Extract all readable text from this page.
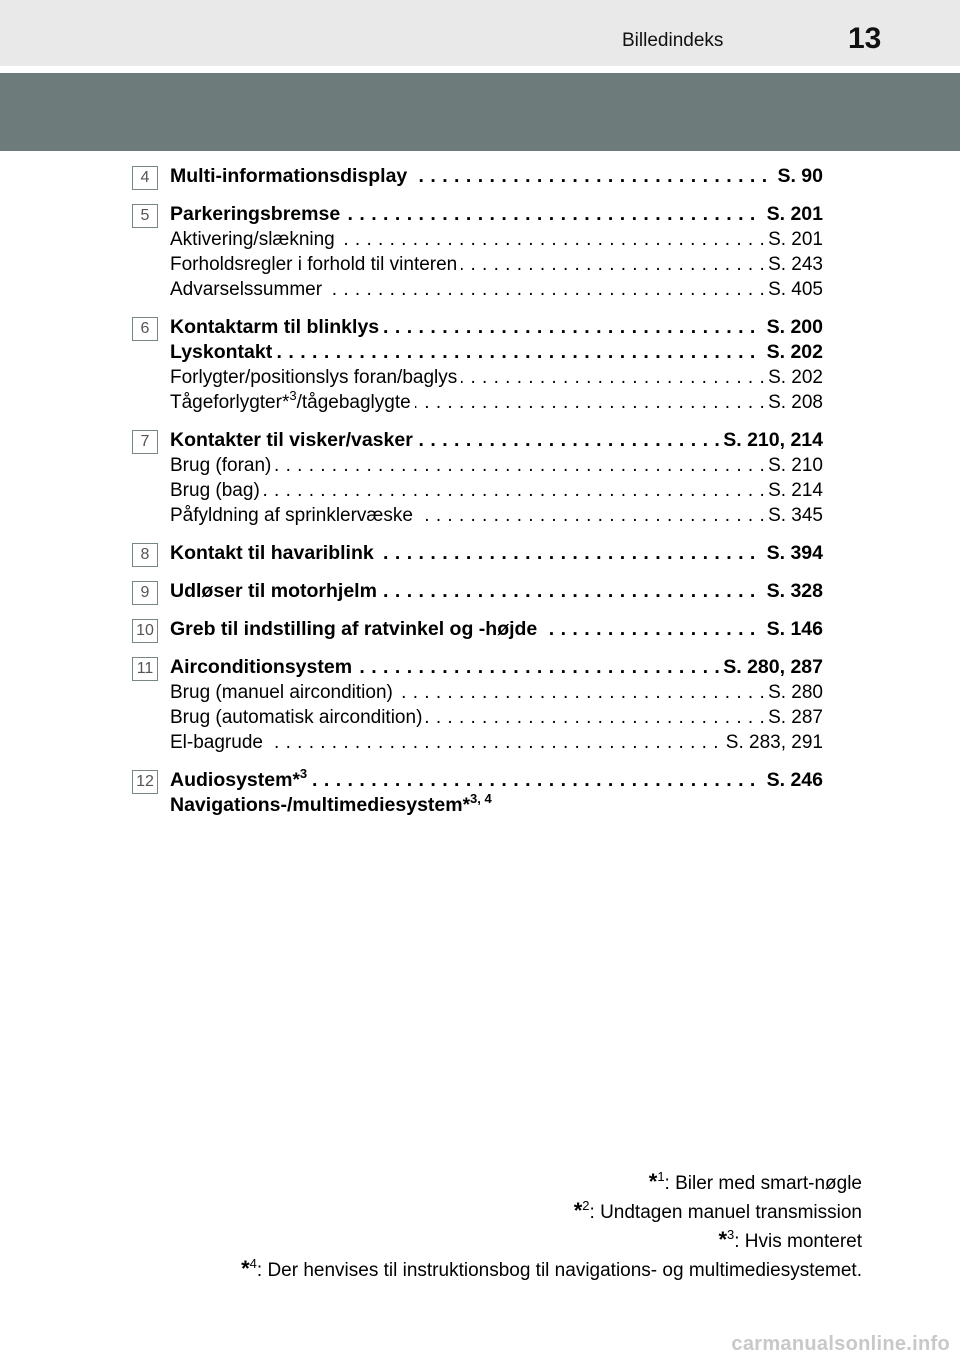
Billedindeks	13
4	. . . Multi-informationsdisplay	S. 90
5	. . . Parkeringsbremse	S. 201
. . . Aktivering/slækning	S. 201
. . . Forholdsregler i forhold til vinteren	S. 243
. . . Advarselssummer	S. 405
6	. . . Kontaktarm til blinklys	S. 200
. . . Lyskontakt	S. 202
. . . Forlygter/positionslys foran/baglys	S. 202
. . . Tågeforlygter*$^3$/tågebaglygte	S. 208
7	. . . Kontakter til visker/vasker	S. 210, 214
. . . Brug (foran)	S. 210
. . . Brug (bag)	S. 214
. . . Påfyldning af sprinklervæske	S. 345
8	. . . Kontakt til havariblink	S. 394
9	. . . Udløser til motorhjelm	S. 328
10 . . . Greb til indstilling af ratvinkel og -højde	S. 146
11 . . . Airconditionsystem	S. 280, 287
. . . Brug (manuel aircondition)	S. 280
. . . Brug (automatisk aircondition)	S. 287
. . . El-bagrude	S. 283, 291
12 . . . Audiosystem*$^3$	S. 246
. . . Navigations-/multimediesystem*$^{3, 4}$
*$^1$: Biler med smart-nøgle
*$^2$: Undtagen manuel transmission
*$^3$: Hvis monteret
*$^4$: Der henvises til instruktionsbog til navigations- og multimediesystemet.
carmanualsonline.info
